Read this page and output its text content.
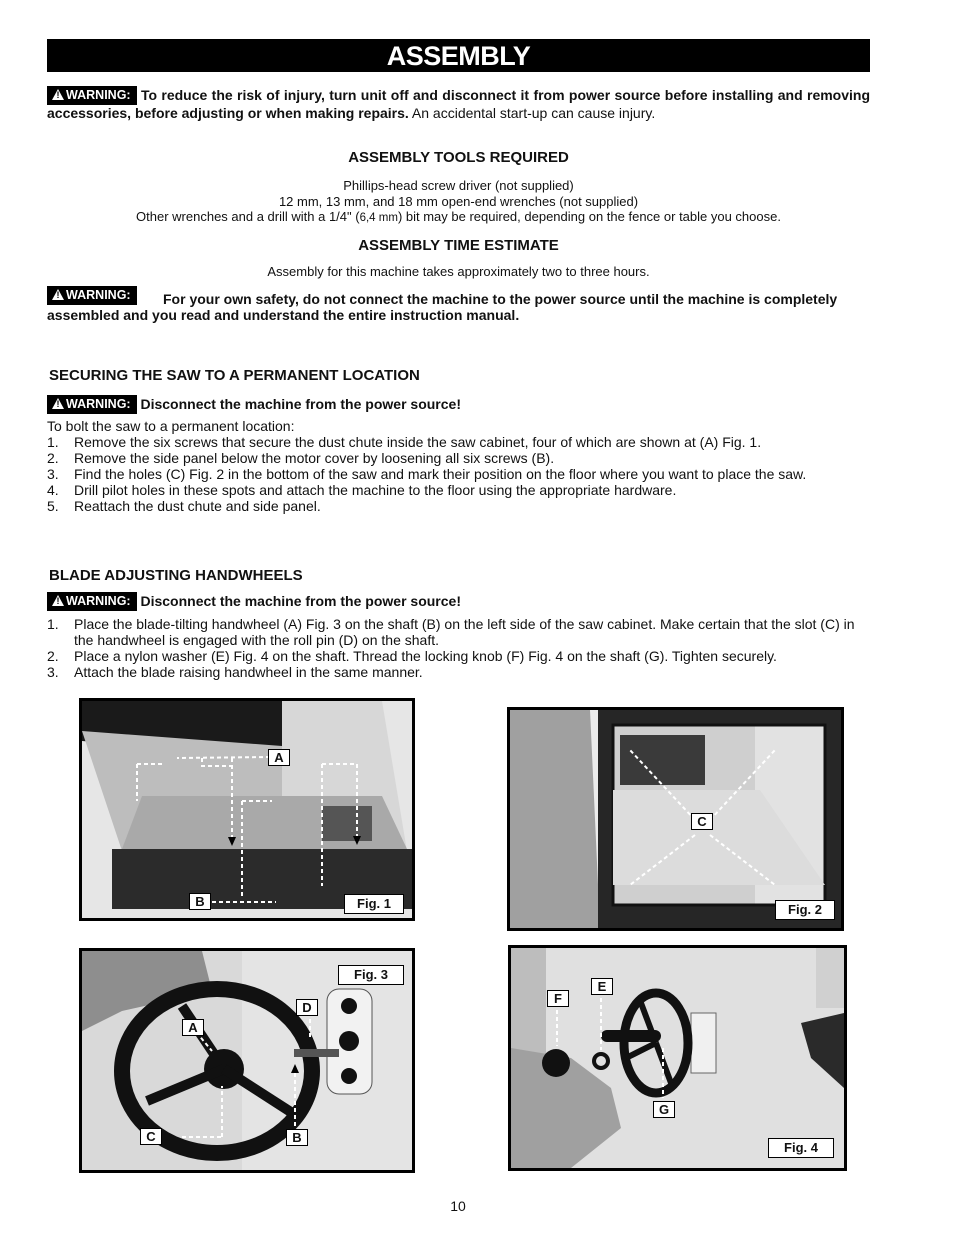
ASSEMBLY
! WARNING: To reduce the risk of injury, turn unit off and disconnect it from power source before installing and removing accessories, before adjusting or when making repairs. An accidental start-up can cause injury.
ASSEMBLY TOOLS REQUIRED
Phillips-head screw driver (not supplied)
12 mm, 13 mm, and 18 mm open-end wrenches (not supplied)
Other wrenches and a drill with a 1/4" (6,4 mm) bit may be required, depending on the fence or table you choose.
ASSEMBLY TIME ESTIMATE
Assembly for this machine takes approximately two to three hours.
! WARNING:	For your own safety, do not connect the machine to the power source until the machine is completely assembled and you read and understand the entire instruction manual.
SECURING THE SAW TO A PERMANENT LOCATION
! WARNING: Disconnect the machine from the power source!
To bolt the saw to a permanent location:
1.	Remove the six screws that secure the dust chute inside the saw cabinet, four of which are shown at (A) Fig. 1.
2.	Remove the side panel below the motor cover by loosening all six screws (B).
3.	Find the holes (C) Fig. 2 in the bottom of the saw and mark their position on the floor where you want to place the saw.
4.	Drill pilot holes in these spots and attach the machine to the floor using the appropriate hardware.
5.	Reattach the dust chute and side panel.
BLADE ADJUSTING HANDWHEELS
! WARNING: Disconnect the machine from the power source!
1.	Place the blade-tilting handwheel (A) Fig. 3 on the shaft (B) on the left side of the saw cabinet. Make certain that the slot (C) in the handwheel is engaged with the roll pin (D) on the shaft.
2.	Place a nylon washer (E) Fig. 4 on the shaft. Thread the locking knob (F) Fig. 4 on the shaft (G). Tighten securely.
3.	Attach the blade raising handwheel in the same manner.
A
B	Fig. 1
C
Fig. 2
Fig. 3
A
D
C	B
F
E
G
Fig. 4
10
